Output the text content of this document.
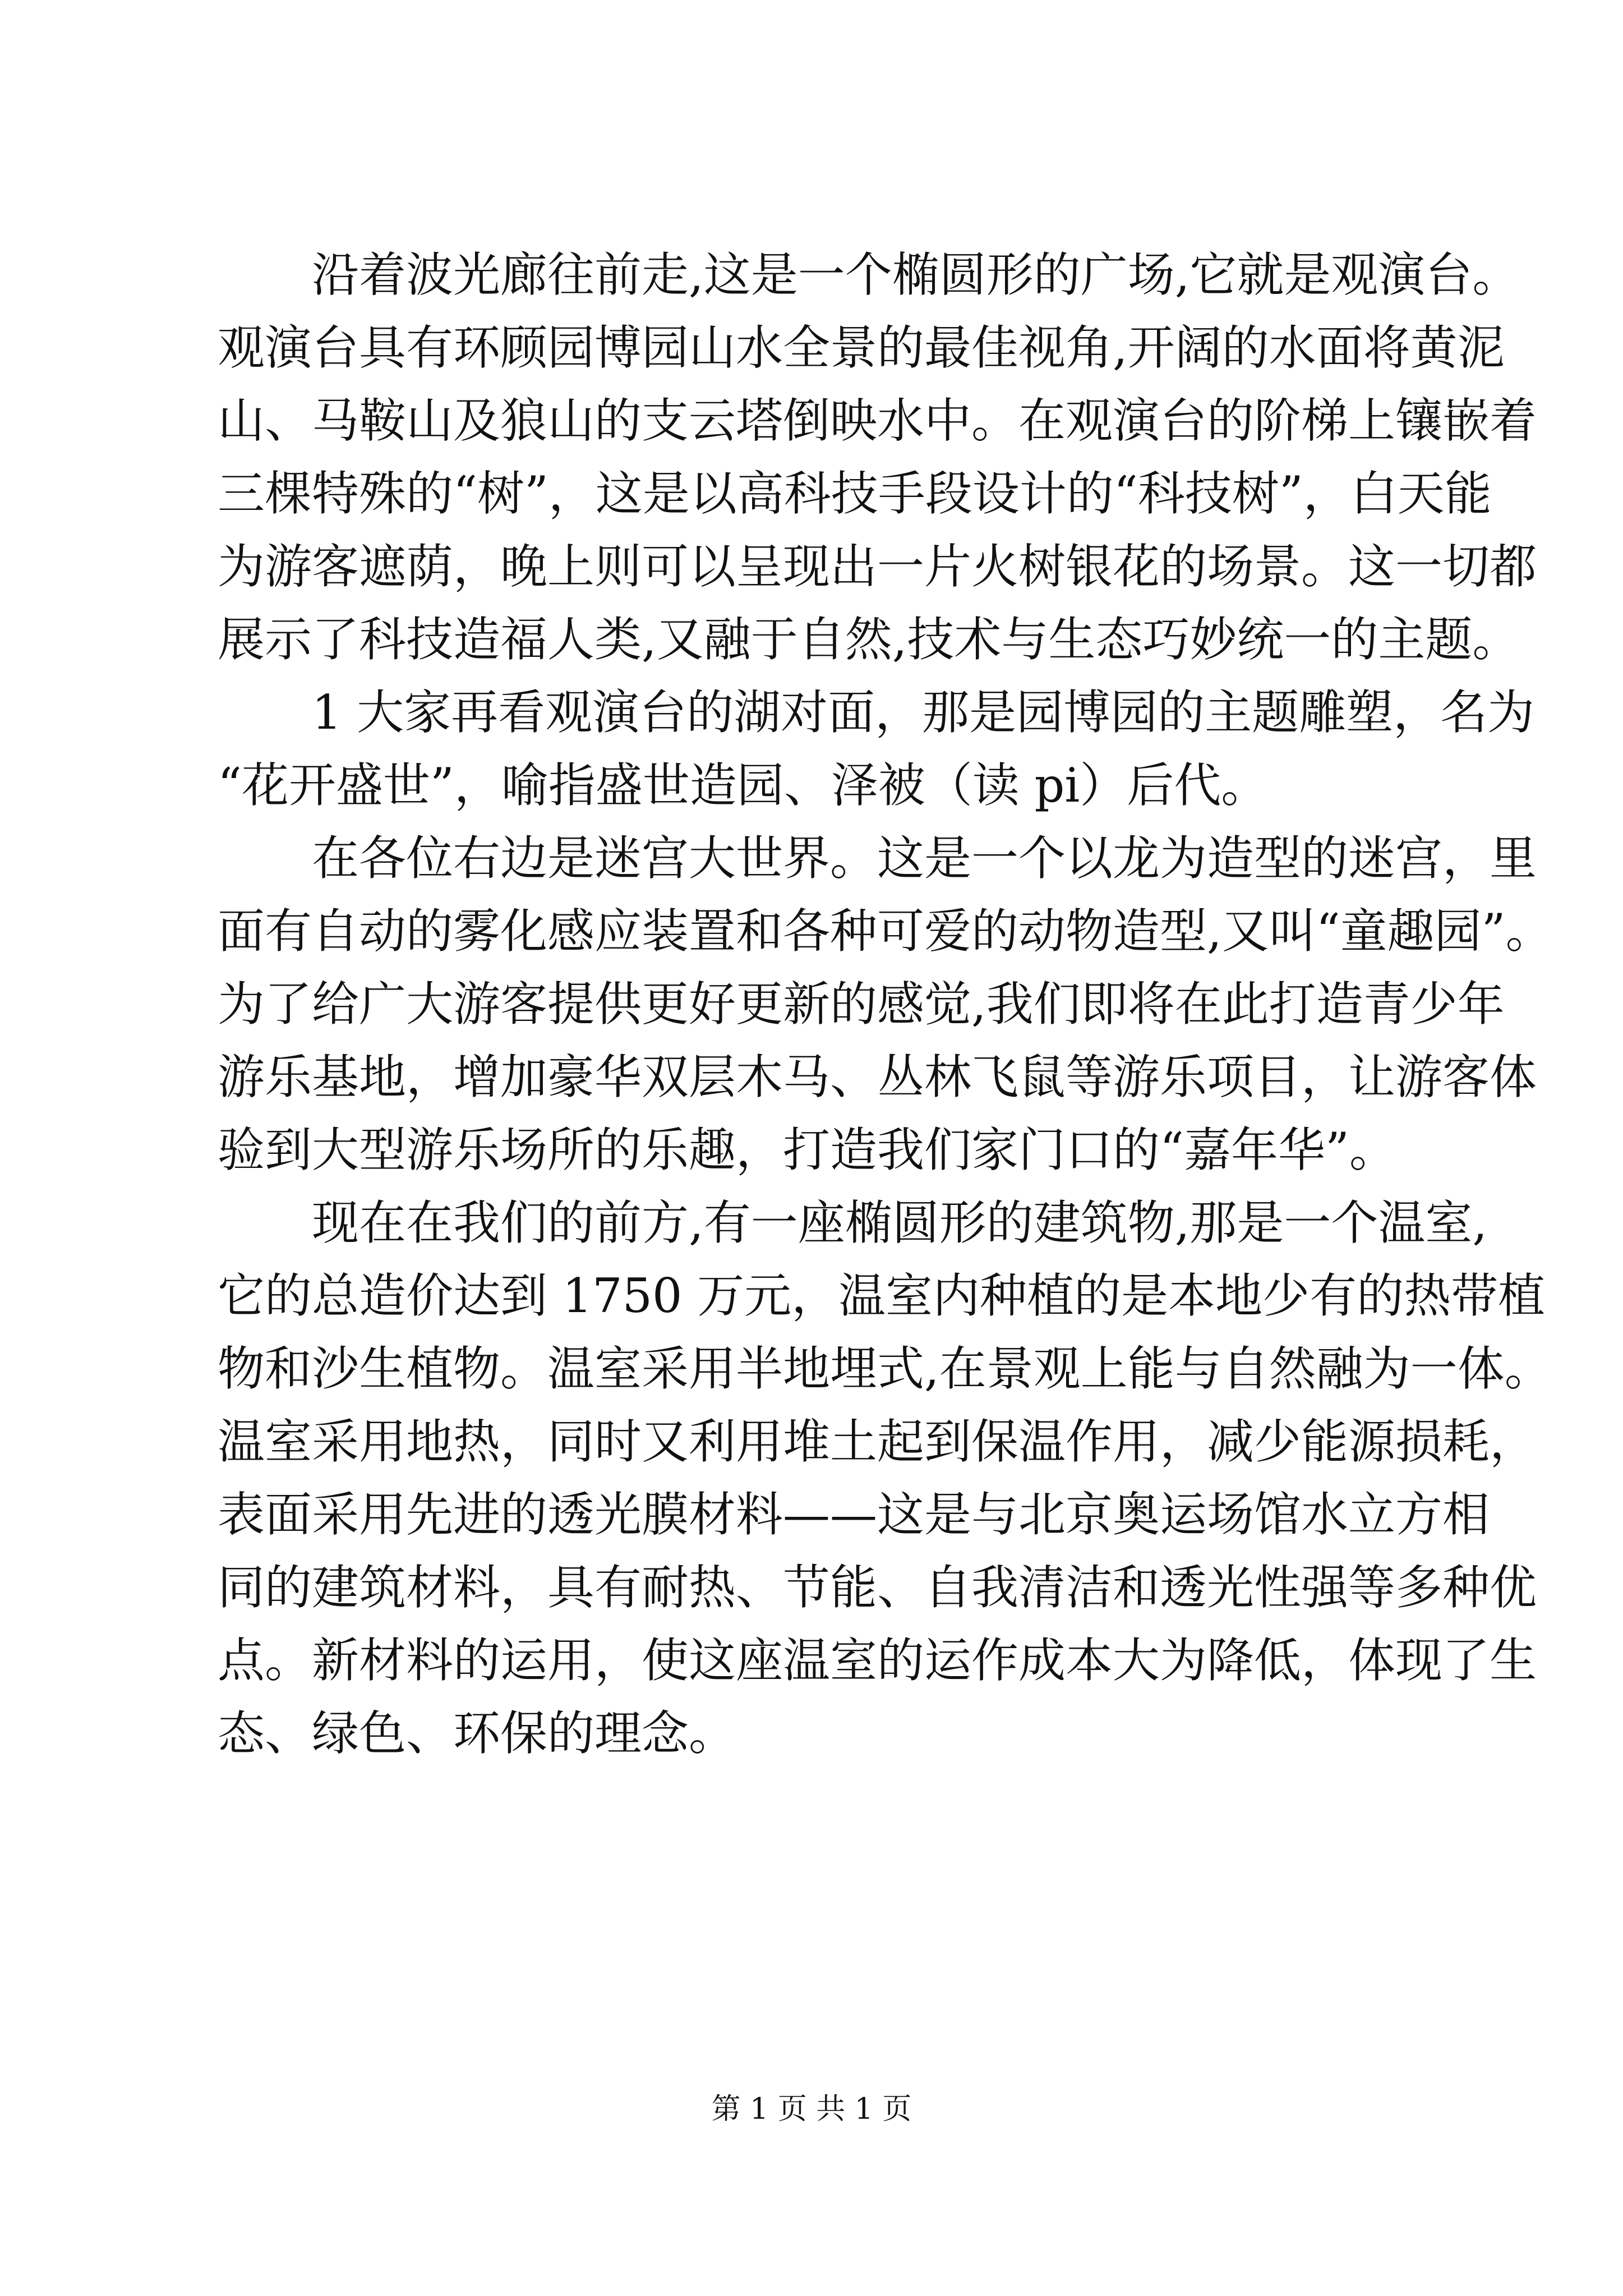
沿着波光廊往前走,这是一个椭圆形的广场,它就是观演台。
观演台具有环顾园博园山水全景的最佳视角,开阔的水面将黄泥
山、马鞍山及狼山的支云塔倒映水中。在观演台的阶梯上镶嵌着
三棵特殊的“树”，这是以高科技手段设计的“科技树”，白天能
为游客遮荫，晚上则可以呈现出一片火树银花的场景。这一切都
展示了科技造福人类,又融于自然,技术与生态巧妙统一的主题。
1 大家再看观演台的湖对面，那是园博园的主题雕塑，名为
“花开盛世”，喻指盛世造园、泽被（读 pi）后代。
在各位右边是迷宫大世界。这是一个以龙为造型的迷宫，里
面有自动的雾化感应装置和各种可爱的动物造型,又叫“童趣园”。
为了给广大游客提供更好更新的感觉,我们即将在此打造青少年
游乐基地，增加豪华双层木马、丛林飞鼠等游乐项目，让游客体
验到大型游乐场所的乐趣，打造我们家门口的“嘉年华”。
现在在我们的前方,有一座椭圆形的建筑物,那是一个温室,
它的总造价达到 1750 万元，温室内种植的是本地少有的热带植
物和沙生植物。温室采用半地埋式,在景观上能与自然融为一体。
温室采用地热，同时又利用堆土起到保温作用，减少能源损耗，
表面采用先进的透光膜材料——这是与北京奥运场馆水立方相
同的建筑材料，具有耐热、节能、自我清洁和透光性强等多种优
点。新材料的运用，使这座温室的运作成本大为降低，体现了生
态、绿色、环保的理念。
第 1 页 共 1 页
